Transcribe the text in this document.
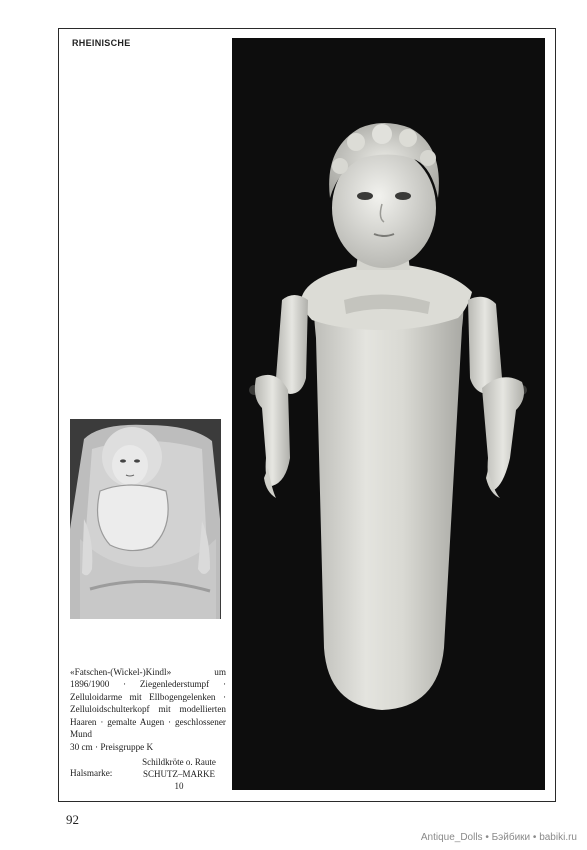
RHEINISCHE
«Fatschen-(Wickel-)Kindl» um 1896/1900 · Ziegenlederstumpf · Zelluloidarme mit Ellbogengelenken · Zelluloidschulterkopf mit modellierten Haaren · gemalte Augen · geschlossener Mund
30 cm · Preisgruppe K
Halsmarke:
Schildkröte o. Raute
SCHUTZ–MARKE
10
92
Antique_Dolls • Бэйбики • babiki.ru
